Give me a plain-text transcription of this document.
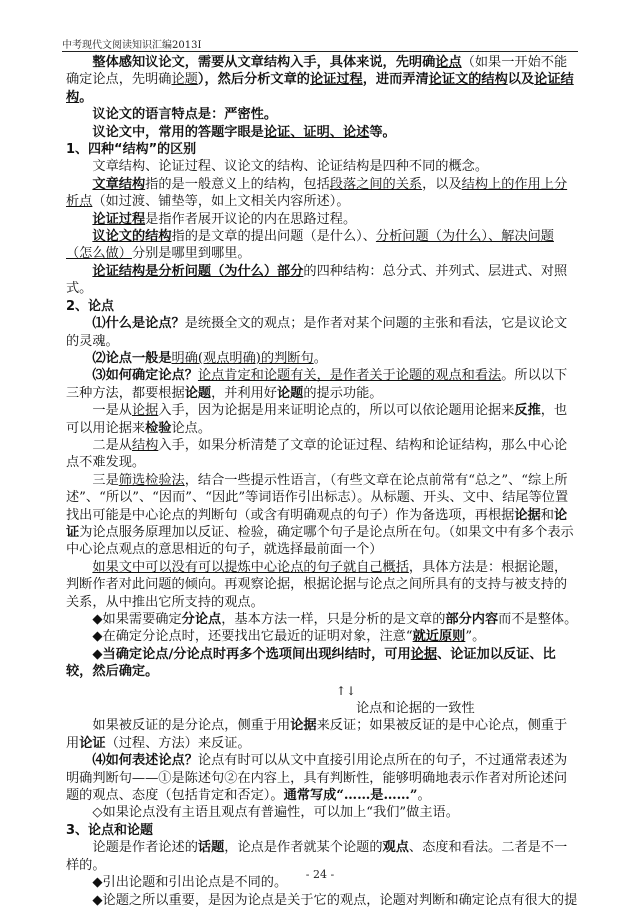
中考现代文阅读知识汇编2013Ⅰ

整体感知议论文，需要从文章结构入手，具体来说，先明确论点（如果一开始不能确定论点，先明确论题），然后分析文章的论证过程，进而弄清论证文的结构以及论证结构。

议论文的语言特点是：严密性。

议论文中，常用的答题字眼是论证、证明、论述等。

1、四种“结构”的区别

文章结构、论证过程、议论文的结构、论证结构是四种不同的概念。

文章结构指的是一般意义上的结构，包括段落之间的关系，以及结构上的作用上分析点（如过渡、铺垫等，如上文相关内容所述）。

论证过程是指作者展开议论的内在思路过程。

议论文的结构指的是文章的提出问题（是什么）、分析问题（为什么）、解决问题（怎么做）分别是哪里到哪里。

论证结构是分析问题（为什么）部分的四种结构：总分式、并列式、层进式、对照式。

2、论点

⑴什么是论点？是统摄全文的观点；是作者对某个问题的主张和看法，它是议论文的灵魂。

⑵论点一般是明确(观点明确)的判断句。

⑶如何确定论点？论点肯定和论题有关，是作者关于论题的观点和看法。所以以下三种方法，都要根据论题，并利用好论题的提示功能。

一是从论据入手，因为论据是用来证明论点的，所以可以依论题用论据来反推，也可以用论据来检验论点。

二是从结构入手，如果分析清楚了文章的论证过程、结构和论证结构，那么中心论点不难发现。

三是筛选检验法，结合一些提示性语言，（有些文章在论点前常有“总之”、“综上所述”、“所以”、“因而”、“因此”等词语作引出标志）。从标题、开头、文中、结尾等位置找出可能是中心论点的判断句（或含有明确观点的句子）作为备选项，再根据论据和论证为论点服务原理加以反证、检验，确定哪个句子是论点所在句。（如果文中有多个表示中心论点观点的意思相近的句子，就选择最前面一个）

如果文中可以没有可以提炼中心论点的句子就自己概括，具体方法是：根据论题，判断作者对此问题的倾向。再观察论据，根据论据与论点之间所具有的支持与被支持的关系，从中推出它所支持的观点。

◆如果需要确定分论点，基本方法一样，只是分析的是文章的部分内容而不是整体。

◆在确定分论点时，还要找出它最近的证明对象，注意“就近原则”。

◆当确定论点/分论点时再多个选项间出现纠结时，可用论据、论证加以反证、比较，然后确定。

↑↓

论点和论据的一致性

如果被反证的是分论点，侧重于用论据来反证；如果被反证的是中心论点，侧重于用论证（过程、方法）来反证。

⑷如何表述论点？论点有时可以从文中直接引用论点所在的句子，不过通常表述为明确判断句——①是陈述句②在内容上，具有判断性，能够明确地表示作者对所论述问题的观点、态度（包括肯定和否定）。通常写成“……是……”。

◇如果论点没有主语且观点有普遍性，可以加上“我们”做主语。

3、论点和论题

论题是作者论述的话题，论点是作者就某个论题的观点、态度和看法。二者是不一样的。

◆引出论题和引出论点是不同的。

◆论题之所以重要，是因为论点是关于它的观点，论题对判断和确定论点有很大的提

- 24 -
